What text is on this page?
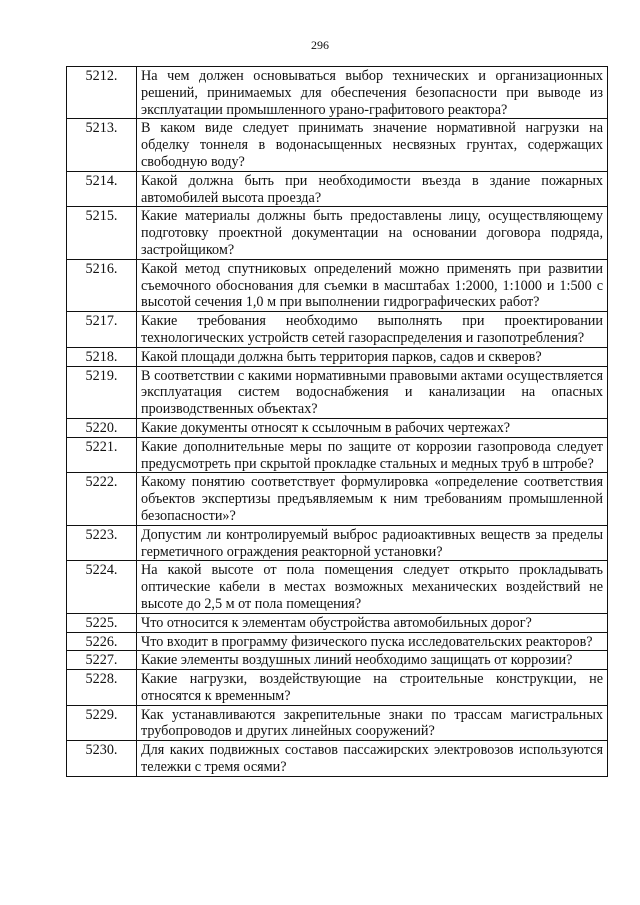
296
5212.	На чем должен основываться выбор технических и организационных решений, принимаемых для обеспечения безопасности при выводе из эксплуатации промышленного урано-графитового реактора?
5213.	В каком виде следует принимать значение нормативной нагрузки на обделку тоннеля в водонасыщенных несвязных грунтах, содержащих свободную воду?
5214.	Какой должна быть при необходимости въезда в здание пожарных автомобилей высота проезда?
5215.	Какие материалы должны быть предоставлены лицу, осуществляющему подготовку проектной документации на основании договора подряда, застройщиком?
5216.	Какой метод спутниковых определений можно применять при развитии съемочного обоснования для съемки в масштабах 1:2000, 1:1000 и 1:500 с высотой сечения 1,0 м при выполнении гидрографических работ?
5217.	Какие требования необходимо выполнять при проектировании технологических устройств сетей газораспределения и газопотребления?
5218.	Какой площади должна быть территория парков, садов и скверов?
5219.	В соответствии с какими нормативными правовыми актами осуществляется эксплуатация систем водоснабжения и канализации на опасных производственных объектах?
5220.	Какие документы относят к ссылочным в рабочих чертежах?
5221.	Какие дополнительные меры по защите от коррозии газопровода следует предусмотреть при скрытой прокладке стальных и медных труб в штробе?
5222.	Какому понятию соответствует формулировка «определение соответствия объектов экспертизы предъявляемым к ним требованиям промышленной безопасности»?
5223.	Допустим ли контролируемый выброс радиоактивных веществ за пределы герметичного ограждения реакторной установки?
5224.	На какой высоте от пола помещения следует открыто прокладывать оптические кабели в местах возможных механических воздействий не высоте до 2,5 м от пола помещения?
5225.	Что относится к элементам обустройства автомобильных дорог?
5226.	Что входит в программу физического пуска исследовательских реакторов?
5227.	Какие элементы воздушных линий необходимо защищать от коррозии?
5228.	Какие нагрузки, воздействующие на строительные конструкции, не относятся к временным?
5229.	Как устанавливаются закрепительные знаки по трассам магистральных трубопроводов и других линейных сооружений?
5230.	Для каких подвижных составов пассажирских электровозов используются тележки с тремя осями?
